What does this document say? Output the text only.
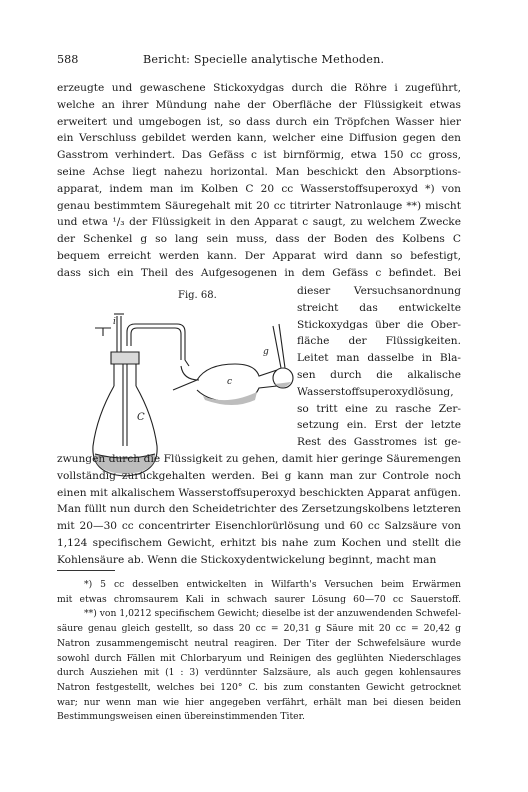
588	Bericht: Specielle analytische Methoden.
erzeugte und gewaschene Stickoxydgas durch die Röhre i zugeführt,
welche an ihrer Mündung nahe der Oberfläche der Flüssigkeit etwas
erweitert und umgebogen ist, so dass durch ein Tröpfchen Wasser hier
ein Verschluss gebildet werden kann, welcher eine Diffusion gegen den
Gasstrom verhindert. Das Gefäss c ist birnförmig, etwa 150 cc gross,
seine Achse liegt nahezu horizontal. Man beschickt den Absorptions-
apparat, indem man im Kolben C 20 cc Wasserstoffsuperoxyd *) von
genau bestimmtem Säuregehalt mit 20 cc titrirter Natronlauge **) mischt
und etwa ¹/₃ der Flüssigkeit in den Apparat c saugt, zu welchem Zwecke
der Schenkel g so lang sein muss, dass der Boden des Kolbens C
bequem erreicht werden kann. Der Apparat wird dann so befestigt,
dass sich ein Theil des Aufgesogenen in dem Gefäss c befindet. Bei
Fig. 68.
i
g
c
C
dieser Versuchsanordnung
streicht das entwickelte
Stickoxydgas über die Ober-
fläche der Flüssigkeiten.
Leitet man dasselbe in Bla-
sen durch die alkalische
Wasserstoffsuperoxydlösung,
so tritt eine zu rasche Zer-
setzung ein. Erst der letzte
Rest des Gasstromes ist ge-
zwungen durch die Flüssigkeit zu gehen, damit hier geringe Säuremengen
vollständig zurückgehalten werden. Bei g kann man zur Controle noch
einen mit alkalischem Wasserstoffsuperoxyd beschickten Apparat anfügen.
Man füllt nun durch den Scheidetrichter des Zersetzungskolbens letzteren
mit 20—30 cc concentrirter Eisenchlorürlösung und 60 cc Salzsäure von
1,124 specifischem Gewicht, erhitzt bis nahe zum Kochen und stellt die
Kohlensäure ab. Wenn die Stickoxydentwickelung beginnt, macht man
*) 5 cc desselben entwickelten in Wilfarth's Versuchen beim Erwärmen
mit etwas chromsaurem Kali in schwach saurer Lösung 60—70 cc Sauerstoff.
**) von 1,0212 specifischem Gewicht; dieselbe ist der anzuwendenden Schwefel-
säure genau gleich gestellt, so dass 20 cc = 20,31 g Säure mit 20 cc = 20,42 g
Natron zusammengemischt neutral reagiren. Der Titer der Schwefelsäure wurde
sowohl durch Fällen mit Chlorbaryum und Reinigen des geglühten Niederschlages
durch Ausziehen mit (1 : 3) verdünnter Salzsäure, als auch gegen kohlensaures
Natron festgestellt, welches bei 120° C. bis zum constanten Gewicht getrocknet
war; nur wenn man wie hier angegeben verfährt, erhält man bei diesen beiden
Bestimmungsweisen einen übereinstimmenden Titer.
